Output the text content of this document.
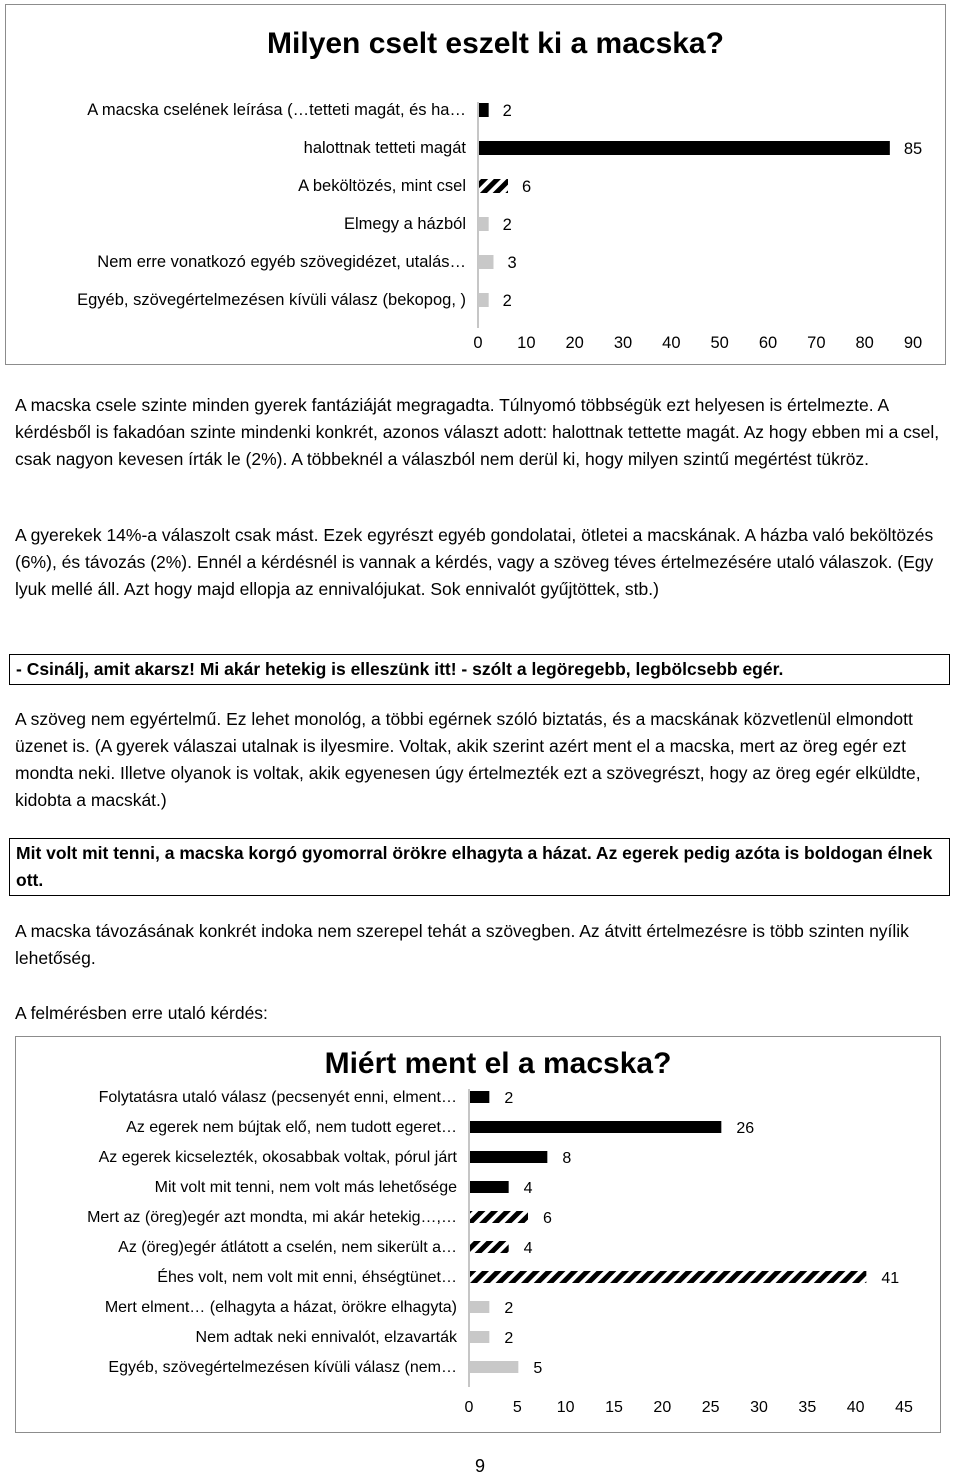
Milyen cselt eszelt ki a macska?
A macska cselének leírása (…tetteti magát, és ha… 2
halottnak tetteti magát	85
A beköltözés, mint csel	6
Elmegy a házból 2
Nem erre vonatkozó egyéb szövegidézet, utalás…	3
Egyéb, szövegértelmezésen kívüli válasz (bekopog, ) 2
0 10 20 30 40 50 60 70 80 90
A macska csele szinte minden gyerek fantáziáját megragadta. Túlnyomó többségük ezt helyesen is értelmezte. A kérdésből is fakadóan szinte mindenki konkrét, azonos választ adott: halottnak tettette magát. Az hogy ebben mi a csel, csak nagyon kevesen írták le (2%). A többeknél a válaszból nem derül ki, hogy milyen szintű megértést tükröz.
A gyerekek 14%-a válaszolt csak mást. Ezek egyrészt egyéb gondolatai, ötletei a macskának. A házba való beköltözés (6%), és távozás (2%). Ennél a kérdésnél is vannak a kérdés, vagy a szöveg téves értelmezésére utaló válaszok. (Egy lyuk mellé áll. Azt hogy majd ellopja az ennivalójukat. Sok ennivalót gyűjtöttek, stb.)
- Csinálj, amit akarsz! Mi akár hetekig is elleszünk itt! - szólt a legöregebb, legbölcsebb egér.
A szöveg nem egyértelmű. Ez lehet monológ, a többi egérnek szóló biztatás, és a macskának közvetlenül elmondott üzenet is. (A gyerek válaszai utalnak is ilyesmire. Voltak, akik szerint azért ment el a macska, mert az öreg egér ezt mondta neki. Illetve olyanok is voltak, akik egyenesen úgy értelmezték ezt a szövegrészt, hogy az öreg egér elküldte, kidobta a macskát.)
Mit volt mit tenni, a macska korgó gyomorral örökre elhagyta a házat. Az egerek pedig azóta is boldogan élnek ott.
A macska távozásának konkrét indoka nem szerepel tehát a szövegben. Az átvitt értelmezésre is több szinten nyílik lehetőség.
A felmérésben erre utaló kérdés:
Miért ment el a macska?
Folytatásra utaló válasz (pecsenyét enni, elment…	2
Az egerek nem bújtak elő, nem tudott egeret…	26
Az egerek kicselezték, okosabbak voltak, pórul járt	8
Mit volt mit tenni, nem volt más lehetősége	4
Mert az (öreg)egér azt mondta, mi akár hetekig…,…	6
Az (öreg)egér átlátott a cselén, nem sikerült a…	4
Éhes volt, nem volt mit enni, éhségtünet…	41
Mert elment… (elhagyta a házat, örökre elhagyta)	2
Nem adtak neki ennivalót, elzavarták	2
Egyéb, szövegértelmezésen kívüli válasz (nem…	5
0 5 10 15 20 25 30 35 40 45
9
